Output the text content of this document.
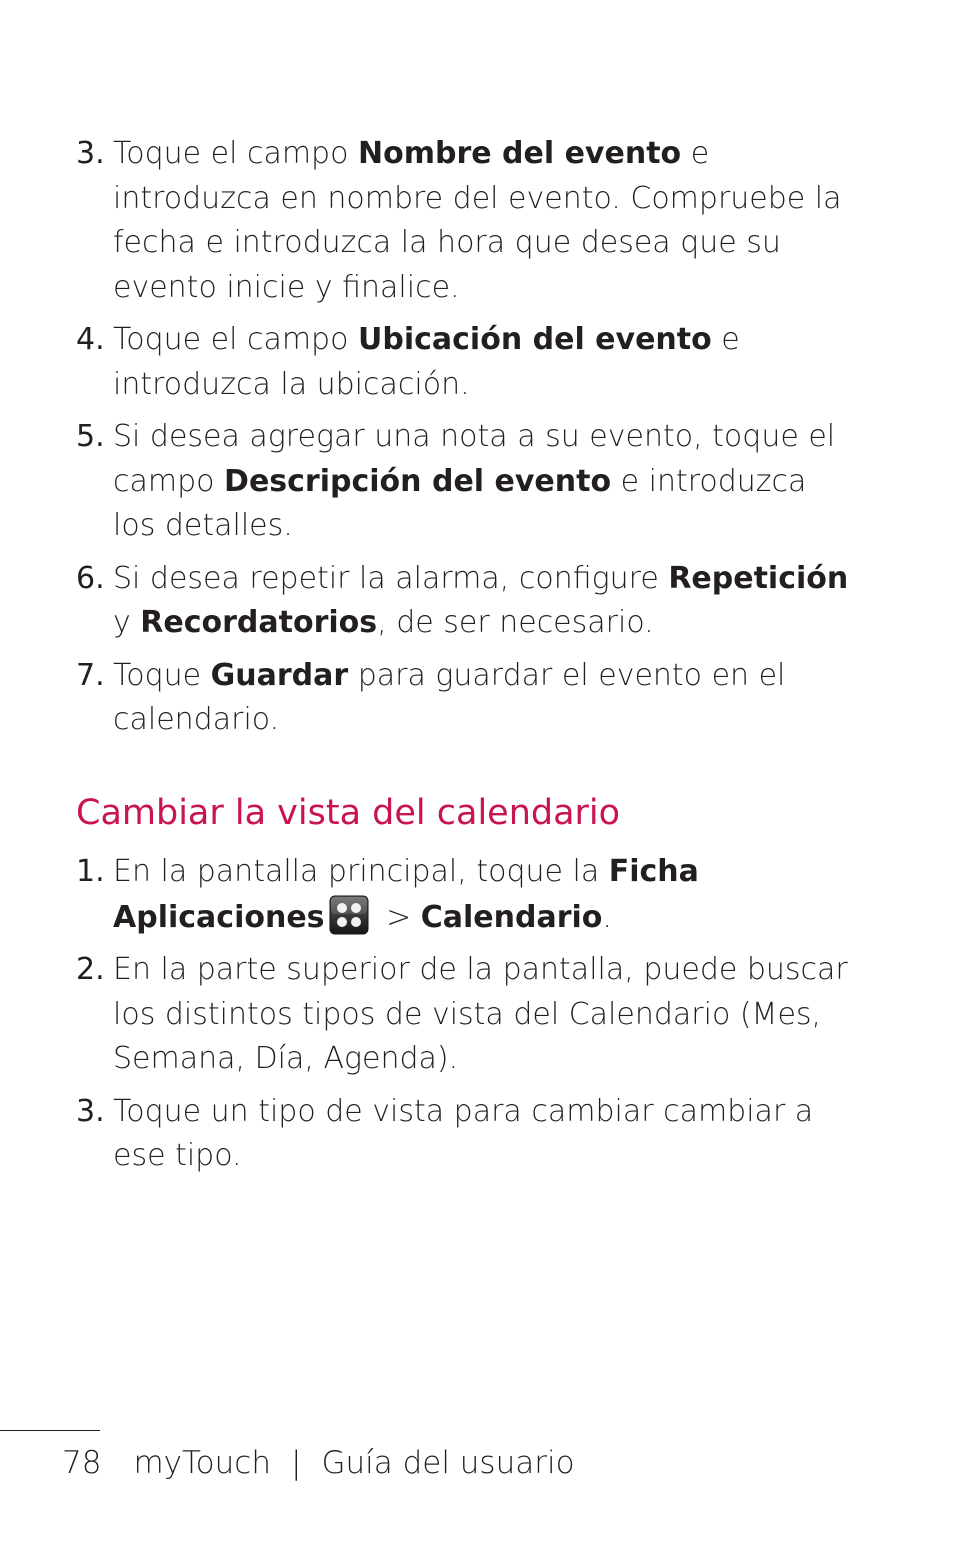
3. Toque el campo Nombre del evento e introduzca en nombre del evento. Compruebe la fecha e introduzca la hora que desea que su evento inicie y finalice.
4. Toque el campo Ubicación del evento e introduzca la ubicación.
5. Si desea agregar una nota a su evento, toque el campo Descripción del evento e introduzca los detalles.
6. Si desea repetir la alarma, configure Repetición y Recordatorios, de ser necesario.
7. Toque Guardar para guardar el evento en el calendario.
Cambiar la vista del calendario
1. En la pantalla principal, toque la Ficha Aplicaciones > Calendario.
2. En la parte superior de la pantalla, puede buscar los distintos tipos de vista del Calendario (Mes, Semana, Día, Agenda).
3. Toque un tipo de vista para cambiar cambiar a ese tipo.
78 myTouch | Guía del usuario
